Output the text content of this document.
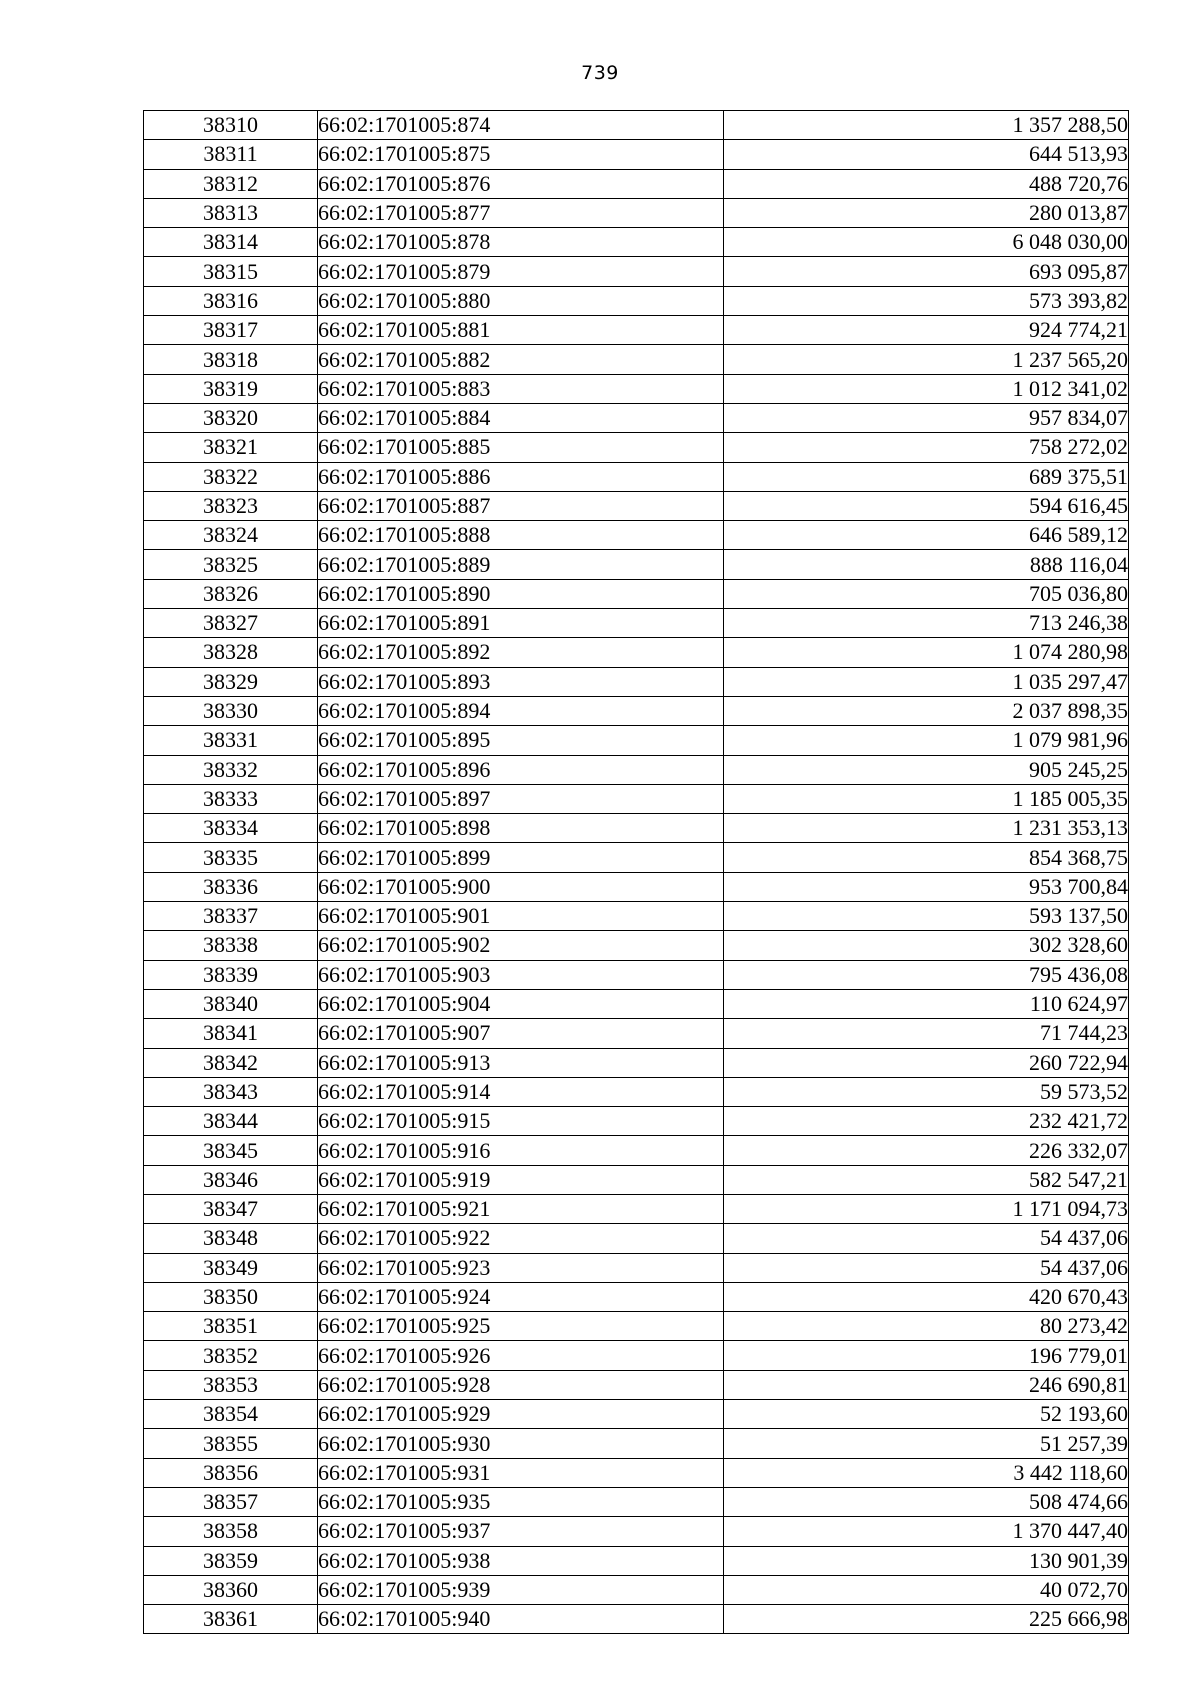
739
38310	66:02:1701005:874	1 357 288,50
38311	66:02:1701005:875	644 513,93
38312	66:02:1701005:876	488 720,76
38313	66:02:1701005:877	280 013,87
38314	66:02:1701005:878	6 048 030,00
38315	66:02:1701005:879	693 095,87
38316	66:02:1701005:880	573 393,82
38317	66:02:1701005:881	924 774,21
38318	66:02:1701005:882	1 237 565,20
38319	66:02:1701005:883	1 012 341,02
38320	66:02:1701005:884	957 834,07
38321	66:02:1701005:885	758 272,02
38322	66:02:1701005:886	689 375,51
38323	66:02:1701005:887	594 616,45
38324	66:02:1701005:888	646 589,12
38325	66:02:1701005:889	888 116,04
38326	66:02:1701005:890	705 036,80
38327	66:02:1701005:891	713 246,38
38328	66:02:1701005:892	1 074 280,98
38329	66:02:1701005:893	1 035 297,47
38330	66:02:1701005:894	2 037 898,35
38331	66:02:1701005:895	1 079 981,96
38332	66:02:1701005:896	905 245,25
38333	66:02:1701005:897	1 185 005,35
38334	66:02:1701005:898	1 231 353,13
38335	66:02:1701005:899	854 368,75
38336	66:02:1701005:900	953 700,84
38337	66:02:1701005:901	593 137,50
38338	66:02:1701005:902	302 328,60
38339	66:02:1701005:903	795 436,08
38340	66:02:1701005:904	110 624,97
38341	66:02:1701005:907	71 744,23
38342	66:02:1701005:913	260 722,94
38343	66:02:1701005:914	59 573,52
38344	66:02:1701005:915	232 421,72
38345	66:02:1701005:916	226 332,07
38346	66:02:1701005:919	582 547,21
38347	66:02:1701005:921	1 171 094,73
38348	66:02:1701005:922	54 437,06
38349	66:02:1701005:923	54 437,06
38350	66:02:1701005:924	420 670,43
38351	66:02:1701005:925	80 273,42
38352	66:02:1701005:926	196 779,01
38353	66:02:1701005:928	246 690,81
38354	66:02:1701005:929	52 193,60
38355	66:02:1701005:930	51 257,39
38356	66:02:1701005:931	3 442 118,60
38357	66:02:1701005:935	508 474,66
38358	66:02:1701005:937	1 370 447,40
38359	66:02:1701005:938	130 901,39
38360	66:02:1701005:939	40 072,70
38361	66:02:1701005:940	225 666,98
